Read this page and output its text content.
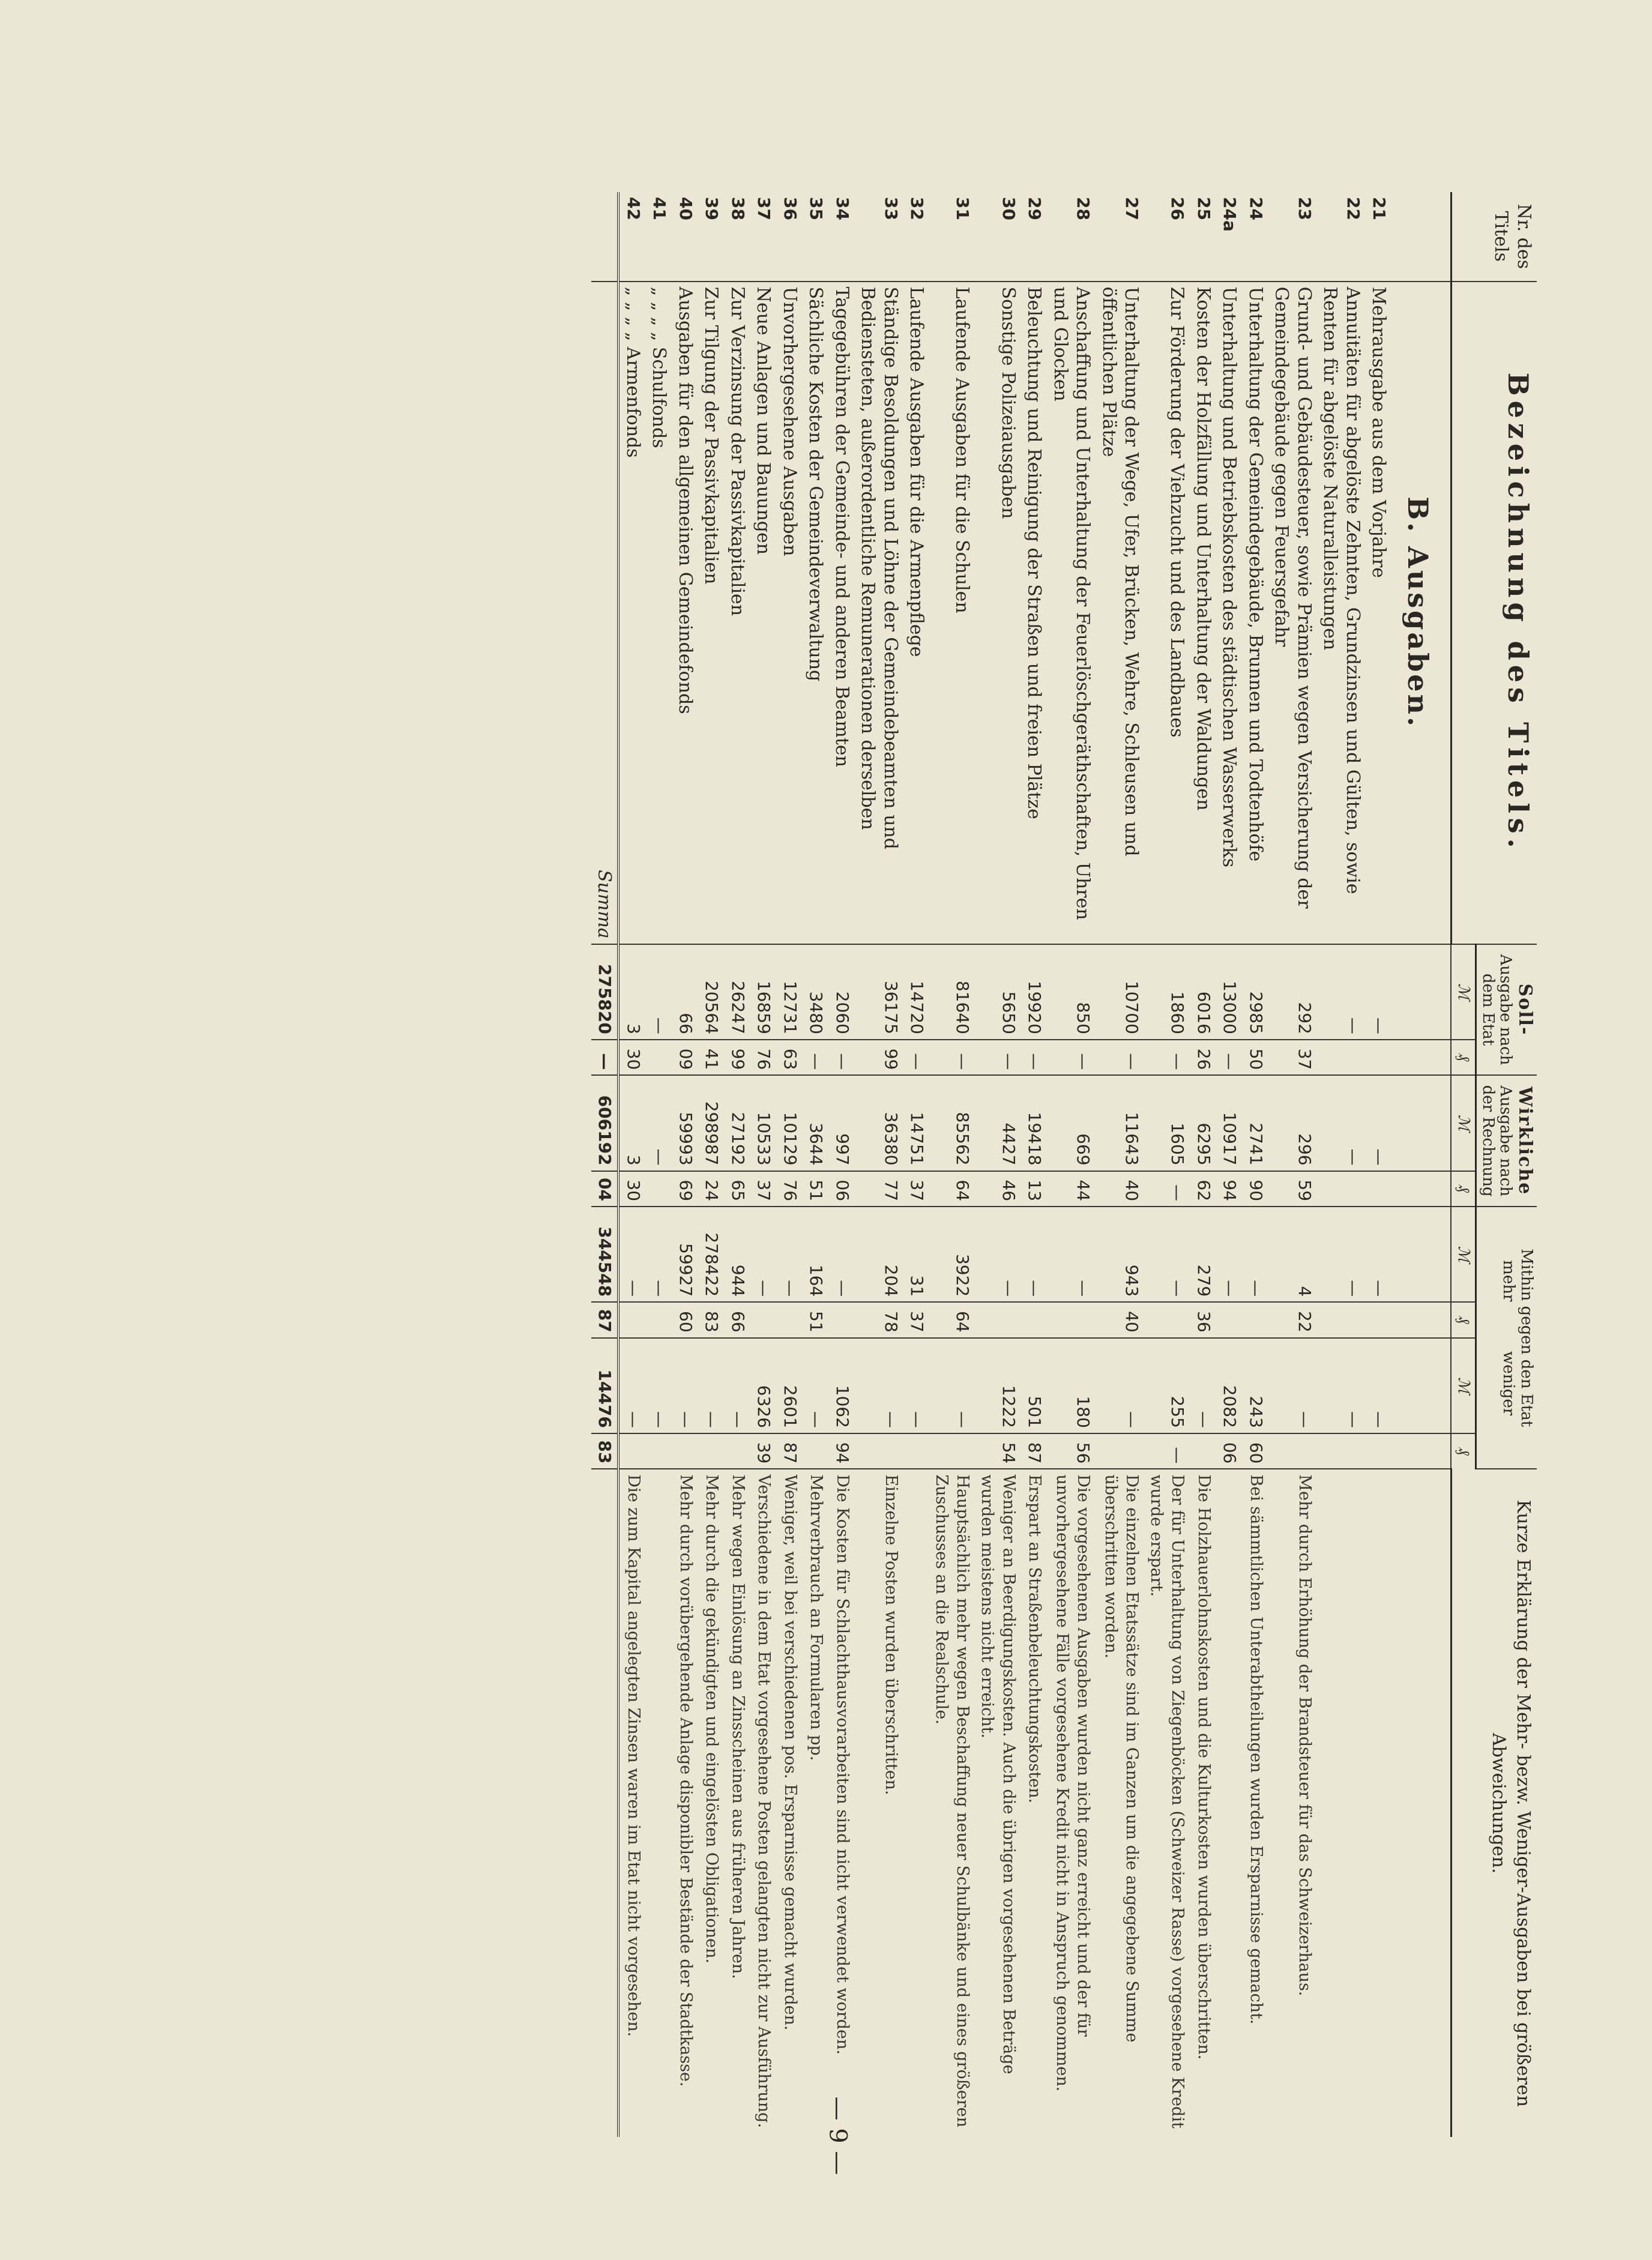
Nr. des Titels	Bezeichnung des Titels.	Soll-
Ausgabe nach dem Etat		Wirkliche
Ausgabe nach der Rechnung		Mithin gegen den Etat
mehr          weniger				Kurze Erklärung der Mehr- bezw. Weniger-Ausgaben bei größeren Abweichungen.
		ℳ	₰	ℳ	₰	ℳ	₰	ℳ	₰	
	B. Ausgaben.									
21	Mehrausgabe aus dem Vorjahre	—		—		—		—		
22	Annuitäten für abgelöste Zehnten, Grundzinsen und Gülten, sowie Renten für abgelöste Naturalleistungen	—		—		—		—		
23	Grund- und Gebäudesteuer, sowie Prämien wegen Versicherung der Gemeindegebäude gegen Feuersgefahr	292	37	296	59	4	22	—		Mehr durch Erhöhung der Brandsteuer für das Schweizerhaus.
24	Unterhaltung der Gemeindegebäude, Brunnen und Todtenhöfe	2985	50	2741	90	—		243	60	Bei sämmtlichen Unterabtheilungen wurden Ersparnisse gemacht.
24a	Unterhaltung und Betriebskosten des städtischen Wasserwerks	13000	—	10917	94	—		2082	06	
25	Kosten der Holzfällung und Unterhaltung der Waldungen	6016	26	6295	62	279	36	—		Die Holzhauerlohnskosten und die Kulturkosten wurden überschritten.
26	Zur Förderung der Viehzucht und des Landbaues	1860	—	1605	—	—		255	—	Der für Unterhaltung von Ziegenböcken (Schweizer Rasse) vorgesehene Kredit wurde erspart.
27	Unterhaltung der Wege, Ufer, Brücken, Wehre, Schleusen und öffentlichen Plätze	10700	—	11643	40	943	40	—		Die einzelnen Etatssätze sind im Ganzen um die angegebene Summe überschritten worden.
28	Anschaffung und Unterhaltung der Feuerlöschgeräthschaften, Uhren und Glocken	850	—	669	44	—		180	56	Die vorgesehenen Ausgaben wurden nicht ganz erreicht und der für unvorhergesehene Fälle vorgesehene Kredit nicht in Anspruch genommen.
29	Beleuchtung und Reinigung der Straßen und freien Plätze	19920	—	19418	13	—		501	87	Erspart an Straßenbeleuchtungskosten.
30	Sonstige Polizeiausgaben	5650	—	4427	46	—		1222	54	Weniger an Beerdigungskosten. Auch die übrigen vorgesehenen Beträge wurden meistens nicht erreicht.
31	Laufende Ausgaben für die Schulen	81640	—	85562	64	3922	64	—		Hauptsächlich mehr wegen Beschaffung neuer Schulbänke und eines größeren Zuschusses an die Realschule.
32	Laufende Ausgaben für die Armenpflege	14720	—	14751	37	31	37	—		
33	Ständige Besoldungen und Löhne der Gemeindebeamten und Bediensteten, außerordentliche Remunerationen derselben	36175	99	36380	77	204	78	—		Einzelne Posten wurden überschritten.
34	Tagegebühren der Gemeinde- und anderen Beamten	2060	—	997	06	—		1062	94	Die Kosten für Schlachthausvorarbeiten sind nicht verwendet worden.
35	Sächliche Kosten der Gemeindeverwaltung	3480	—	3644	51	164	51	—		Mehrverbrauch an Formularen pp.
36	Unvorhergesehene Ausgaben	12731	63	10129	76	—		2601	87	Weniger, weil bei verschiedenen pos. Ersparnisse gemacht wurden.
37	Neue Anlagen und Bauungen	16859	76	10533	37	—		6326	39	Verschiedene in dem Etat vorgesehene Posten gelangten nicht zur Ausführung.
38	Zur Verzinsung der Passivkapitalien	26247	99	27192	65	944	66	—		Mehr wegen Einlösung an Zinsscheinen aus früheren Jahren.
39	Zur Tilgung der Passivkapitalien	20564	41	298987	24	278422	83	—		Mehr durch die gekündigten und eingelösten Obligationen.
40	Ausgaben für den allgemeinen Gemeindefonds	66	09	59993	69	59927	60	—		Mehr durch vorübergehende Anlage disponibler Bestände der Stadtkasse.
41	„ „ „ „ Schulfonds	—		—		—		—		
42	„ „ „ „ Armenfonds	3	30	3	30	—		—		Die zum Kapital angelegten Zinsen waren im Etat nicht vorgesehen.
	Summa	275820	—	606192	04	344548	87	14476	83	
— 9 —
